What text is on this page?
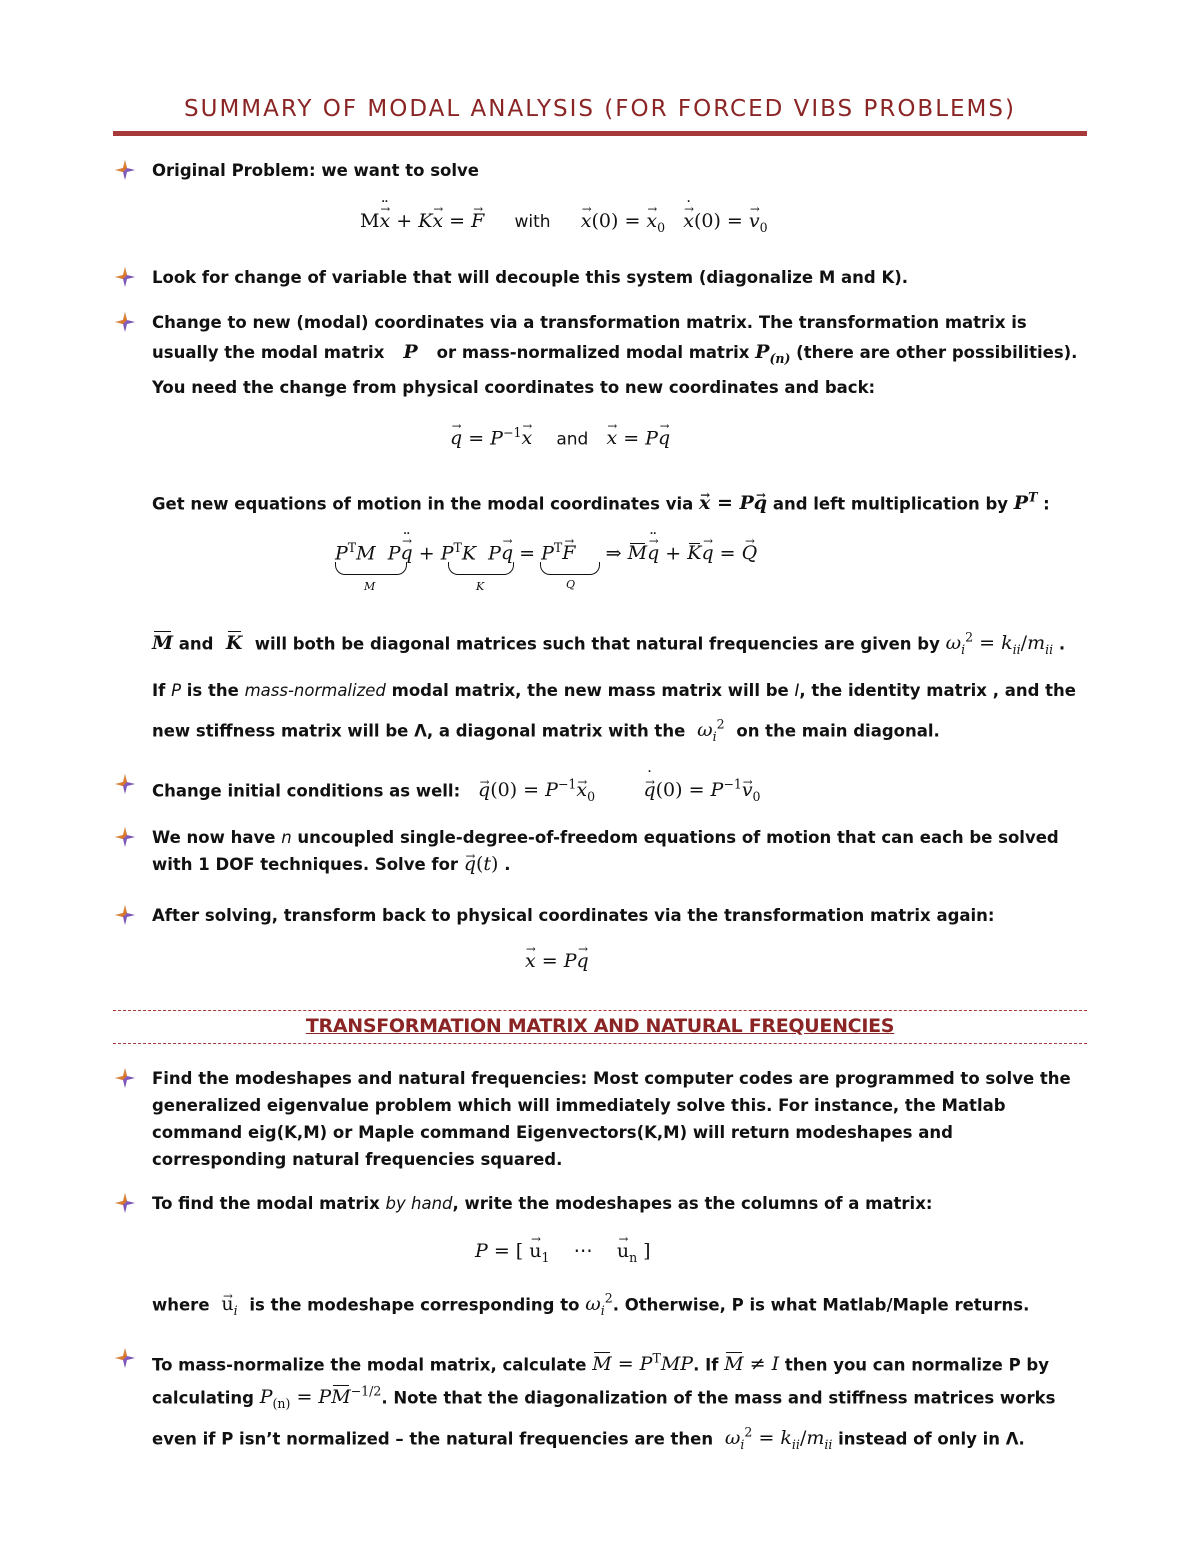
SUMMARY OF MODAL ANALYSIS (FOR FORCED VIBS PROBLEMS)
Original Problem: we want to solve
M→ x ¨ + K→ x = → F with → x(0) = → $x_0 \to x$ ˙(0) = → $v_0$
Look for change of variable that will decouple this system (diagonalize M and K).
Change to new (modal) coordinates via a transformation matrix. The transformation matrix is
usually the modal matrix   P   or mass-normalized modal matrix $P_{(n)}$ (there are other possibilities).
You need the change from physical coordinates to new coordinates and back:
→ $q = P^{-1}\to x$ and → x = P→ q
Get new equations of motion in the modal coordinates via → x = P→ q and left multiplication by $P^T$ :
$P^TM$ P→ q ¨ + $P^TK$ $P\to q = P^T\to F$     ⇒ M→ q ¨ + K→ q = → Q
M	K	Q
M and K will both be diagonal matrices such that natural frequencies are given by $\omega_i^2 = k_{ii}/m_{ii}$ .
If P is the mass-normalized modal matrix, the new mass matrix will be I, the identity matrix , and the
new stiffness matrix will be Λ, a diagonal matrix with the $\omega_i^2$ on the main diagonal.
Change initial conditions as well: → $q(0) = P^{-1}\to x_0$	→ q ˙(0) = $P^{-1}\to v_0$
We now have n uncoupled single-degree-of-freedom equations of motion that can each be solved
with 1 DOF techniques. Solve for → q(t) .
After solving, transform back to physical coordinates via the transformation matrix again:
→ x = P→ q
TRANSFORMATION MATRIX AND NATURAL FREQUENCIES
Find the modeshapes and natural frequencies: Most computer codes are programmed to solve the
generalized eigenvalue problem which will immediately solve this. For instance, the Matlab
command eig(K,M) or Maple command Eigenvectors(K,M) will return modeshapes and
corresponding natural frequencies squared.
To find the modal matrix by hand, write the modeshapes as the columns of a matrix:
P = [ → $u_1$    ⋯    → $u_n$ ]
where → $u_i$ is the modeshape corresponding to $\omega_i^2$. Otherwise, P is what Matlab/Maple returns.
To mass-normalize the modal matrix, calculate $M = P^TMP$. If M ≠ I then you can normalize P by
calculating $P_{(n)} = PM^{-1/2}$. Note that the diagonalization of the mass and stiffness matrices works
even if P isn’t normalized – the natural frequencies are then $\omega_i^2 = k_{ii}/m_{ii}$ instead of only in Λ.
